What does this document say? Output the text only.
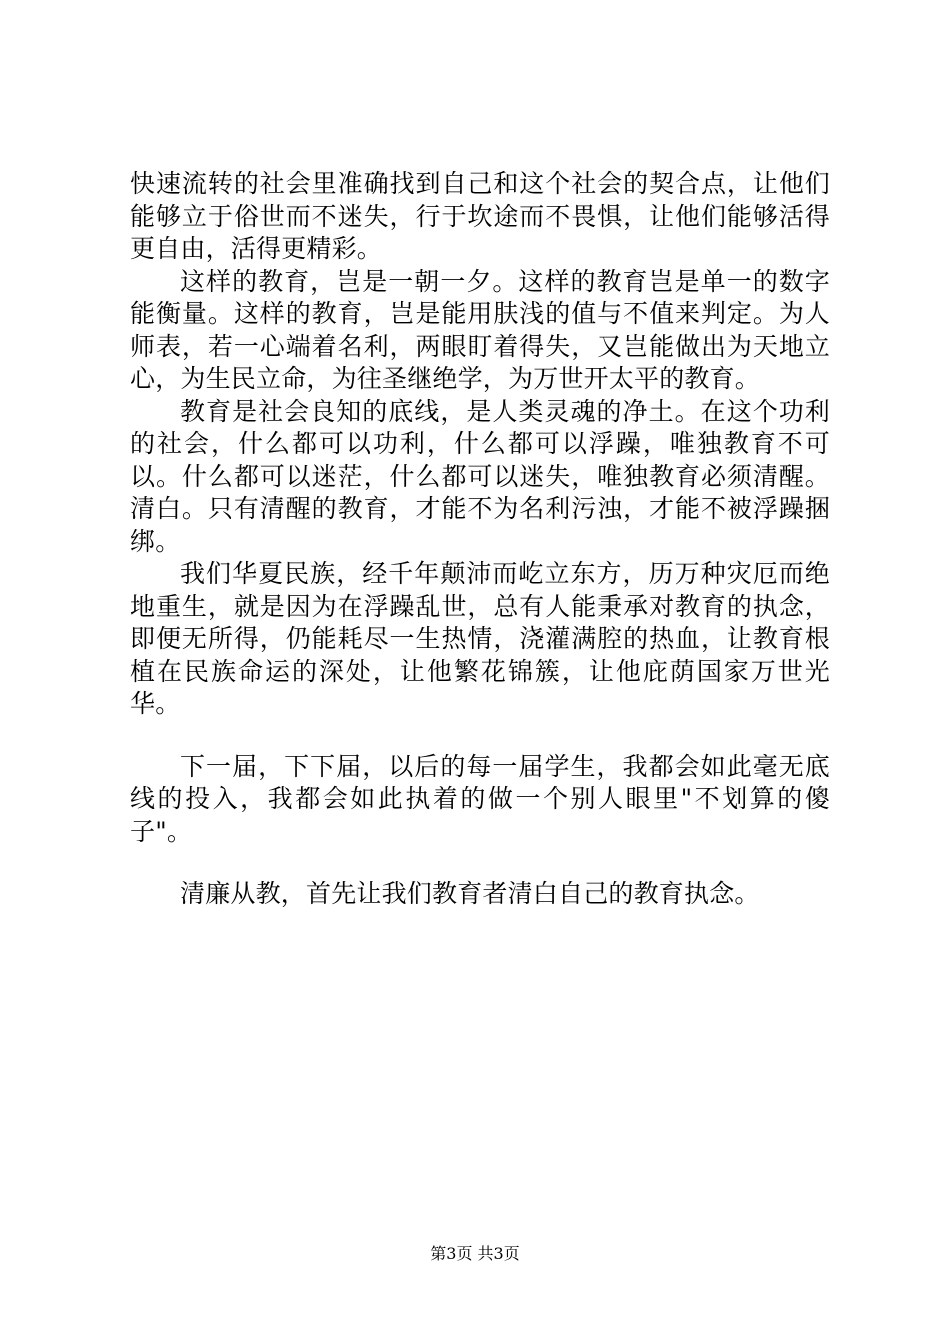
快速流转的社会里准确找到自己和这个社会的契合点，让他们能够立于俗世而不迷失，行于坎途而不畏惧，让他们能够活得更自由，活得更精彩。

这样的教育，岂是一朝一夕。这样的教育岂是单一的数字能衡量。这样的教育，岂是能用肤浅的值与不值来判定。为人师表，若一心端着名利，两眼盯着得失，又岂能做出为天地立心，为生民立命，为往圣继绝学，为万世开太平的教育。

教育是社会良知的底线，是人类灵魂的净土。在这个功利的社会，什么都可以功利，什么都可以浮躁，唯独教育不可以。什么都可以迷茫，什么都可以迷失，唯独教育必须清醒。清白。只有清醒的教育，才能不为名利污浊，才能不被浮躁捆绑。

我们华夏民族，经千年颠沛而屹立东方，历万种灾厄而绝地重生，就是因为在浮躁乱世，总有人能秉承对教育的执念，即便无所得，仍能耗尽一生热情，浇灌满腔的热血，让教育根植在民族命运的深处，让他繁花锦簇，让他庇荫国家万世光华。

下一届，下下届，以后的每一届学生，我都会如此毫无底线的投入，我都会如此执着的做一个别人眼里"不划算的傻子"。

清廉从教，首先让我们教育者清白自己的教育执念。

第3页 共3页
